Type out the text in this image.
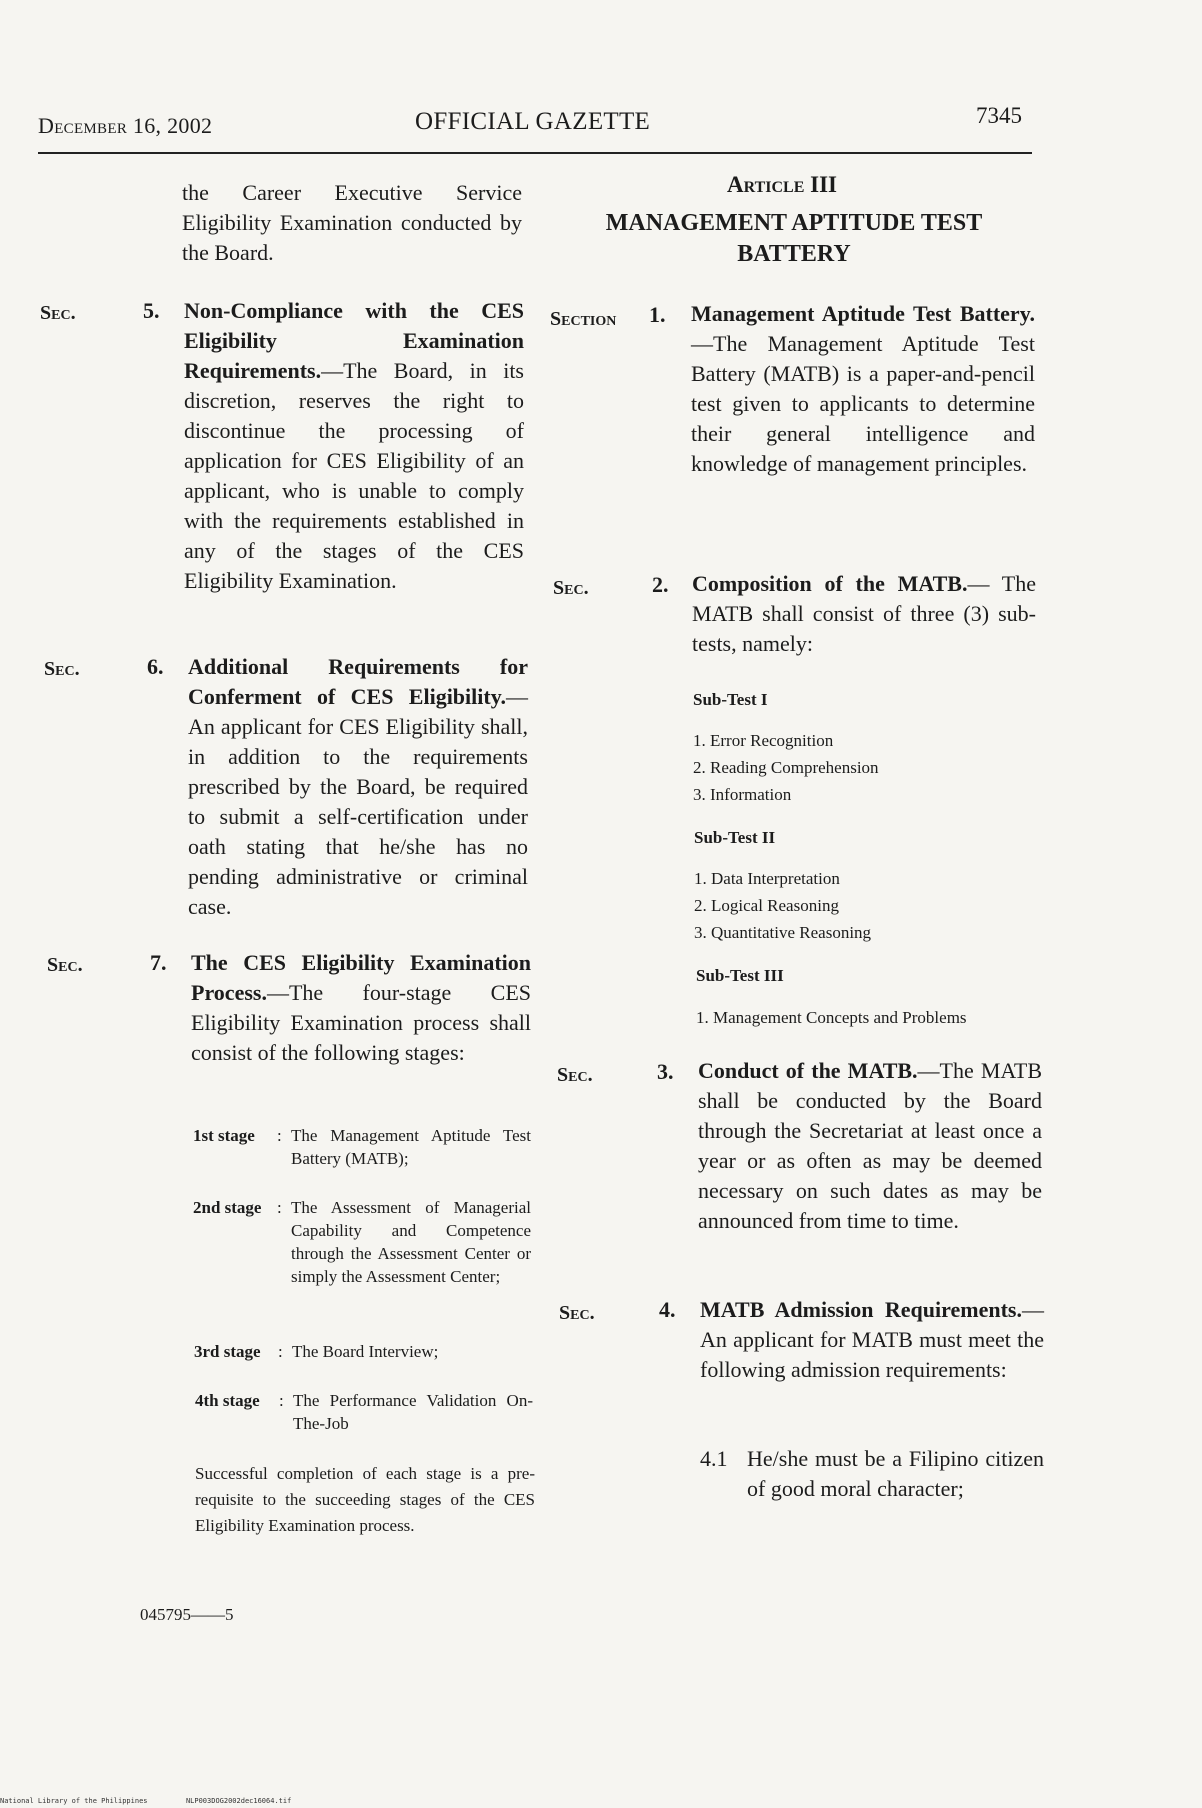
December 16, 2002	OFFICIAL GAZETTE	7345
the Career Executive Service Eligibility Examination conducted by the Board.
Sec.	5. Non-Compliance with the CES Eligibility Examination Requirements.—The Board, in its discretion, reserves the right to discontinue the processing of application for CES Eligibility of an applicant, who is unable to comply with the requirements established in any of the stages of the CES Eligibility Examination.
Sec.	6. Additional Requirements for Conferment of CES Eligibility.— An applicant for CES Eligibility shall, in addition to the requirements prescribed by the Board, be required to submit a self-certification under oath stating that he/she has no pending administrative or criminal case.
Sec.	7. The CES Eligibility Examination Process.—The four-stage CES Eligibility Examination process shall consist of the following stages:
1st stage : The Management Aptitude Test Battery (MATB);
2nd stage : The Assessment of Managerial Capability and Competence through the Assessment Center or simply the Assessment Center;
3rd stage : The Board Interview;
4th stage : The Performance Validation On-The-Job
Successful completion of each stage is a pre-requisite to the succeeding stages of the CES Eligibility Examination process.
045795——5
Article III
MANAGEMENT APTITUDE TEST BATTERY
Section 1. Management Aptitude Test Battery.—The Management Aptitude Test Battery (MATB) is a paper-and-pencil test given to applicants to determine their general intelligence and knowledge of management principles.
Sec.	2. Composition of the MATB.— The MATB shall consist of three (3) sub-tests, namely:
Sub-Test I
1. Error Recognition
2. Reading Comprehension
3. Information
Sub-Test II
1. Data Interpretation
2. Logical Reasoning
3. Quantitative Reasoning
Sub-Test III
1. Management Concepts and Problems
Sec.	3. Conduct of the MATB.—The MATB shall be conducted by the Board through the Secretariat at least once a year or as often as may be deemed necessary on such dates as may be announced from time to time.
Sec.	4. MATB Admission Requirements.—An applicant for MATB must meet the following admission requirements:
4.1 He/she must be a Filipino citizen of good moral character;
National Library of the Philippines	NLP003DOG2002dec16064.tif
